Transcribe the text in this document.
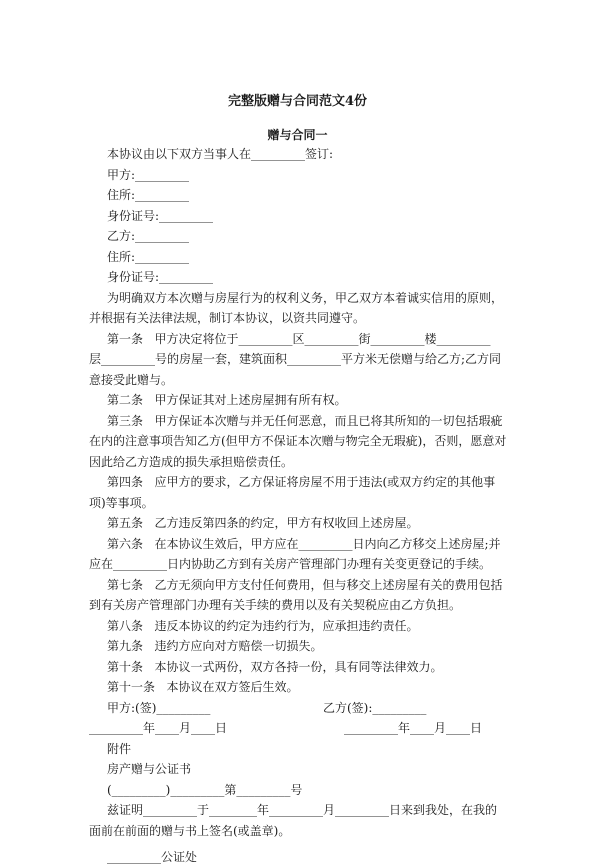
完整版赠与合同范文4份
赠与合同一

本协议由以下双方当事人在_________签订:

甲方:_________

住所:_________

身份证号:_________

乙方:_________

住所:_________

身份证号:_________

为明确双方本次赠与房屋行为的权利义务，甲乙双方本着诚实信用的原则，

并根据有关法律法规，制订本协议，以资共同遵守。

第一条   甲方决定将位于_________区_________街_________楼_________

层_________号的房屋一套，建筑面积_________平方米无偿赠与给乙方;乙方同

意接受此赠与。

第二条   甲方保证其对上述房屋拥有所有权。

第三条   甲方保证本次赠与并无任何恶意，而且已将其所知的一切包括瑕疵

在内的注意事项告知乙方(但甲方不保证本次赠与物完全无瑕疵)，否则，愿意对

因此给乙方造成的损失承担赔偿责任。

第四条   应甲方的要求，乙方保证将房屋不用于违法(或双方约定的其他事

项)等事项。

第五条   乙方违反第四条的约定，甲方有权收回上述房屋。

第六条   在本协议生效后，甲方应在_________日内向乙方移交上述房屋;并

应在_________日内协助乙方到有关房产管理部门办理有关变更登记的手续。

第七条   乙方无须向甲方支付任何费用，但与移交上述房屋有关的费用包括

到有关房产管理部门办理有关手续的费用以及有关契税应由乙方负担。

第八条   违反本协议的约定为违约行为，应承担违约责任。

第九条   违约方应向对方赔偿一切损失。

第十条   本协议一式两份，双方各持一份，具有同等法律效力。

第十一条   本协议在双方签后生效。

甲方:(签)_________	乙方(签):_________
_________年____月____日	_________年____月____日

附件

房产赠与公证书

(_________)_________第_________号

兹证明_________于________年_________月_________日来到我处，在我的

面前在前面的赠与书上签名(或盖章)。

_________公证处
